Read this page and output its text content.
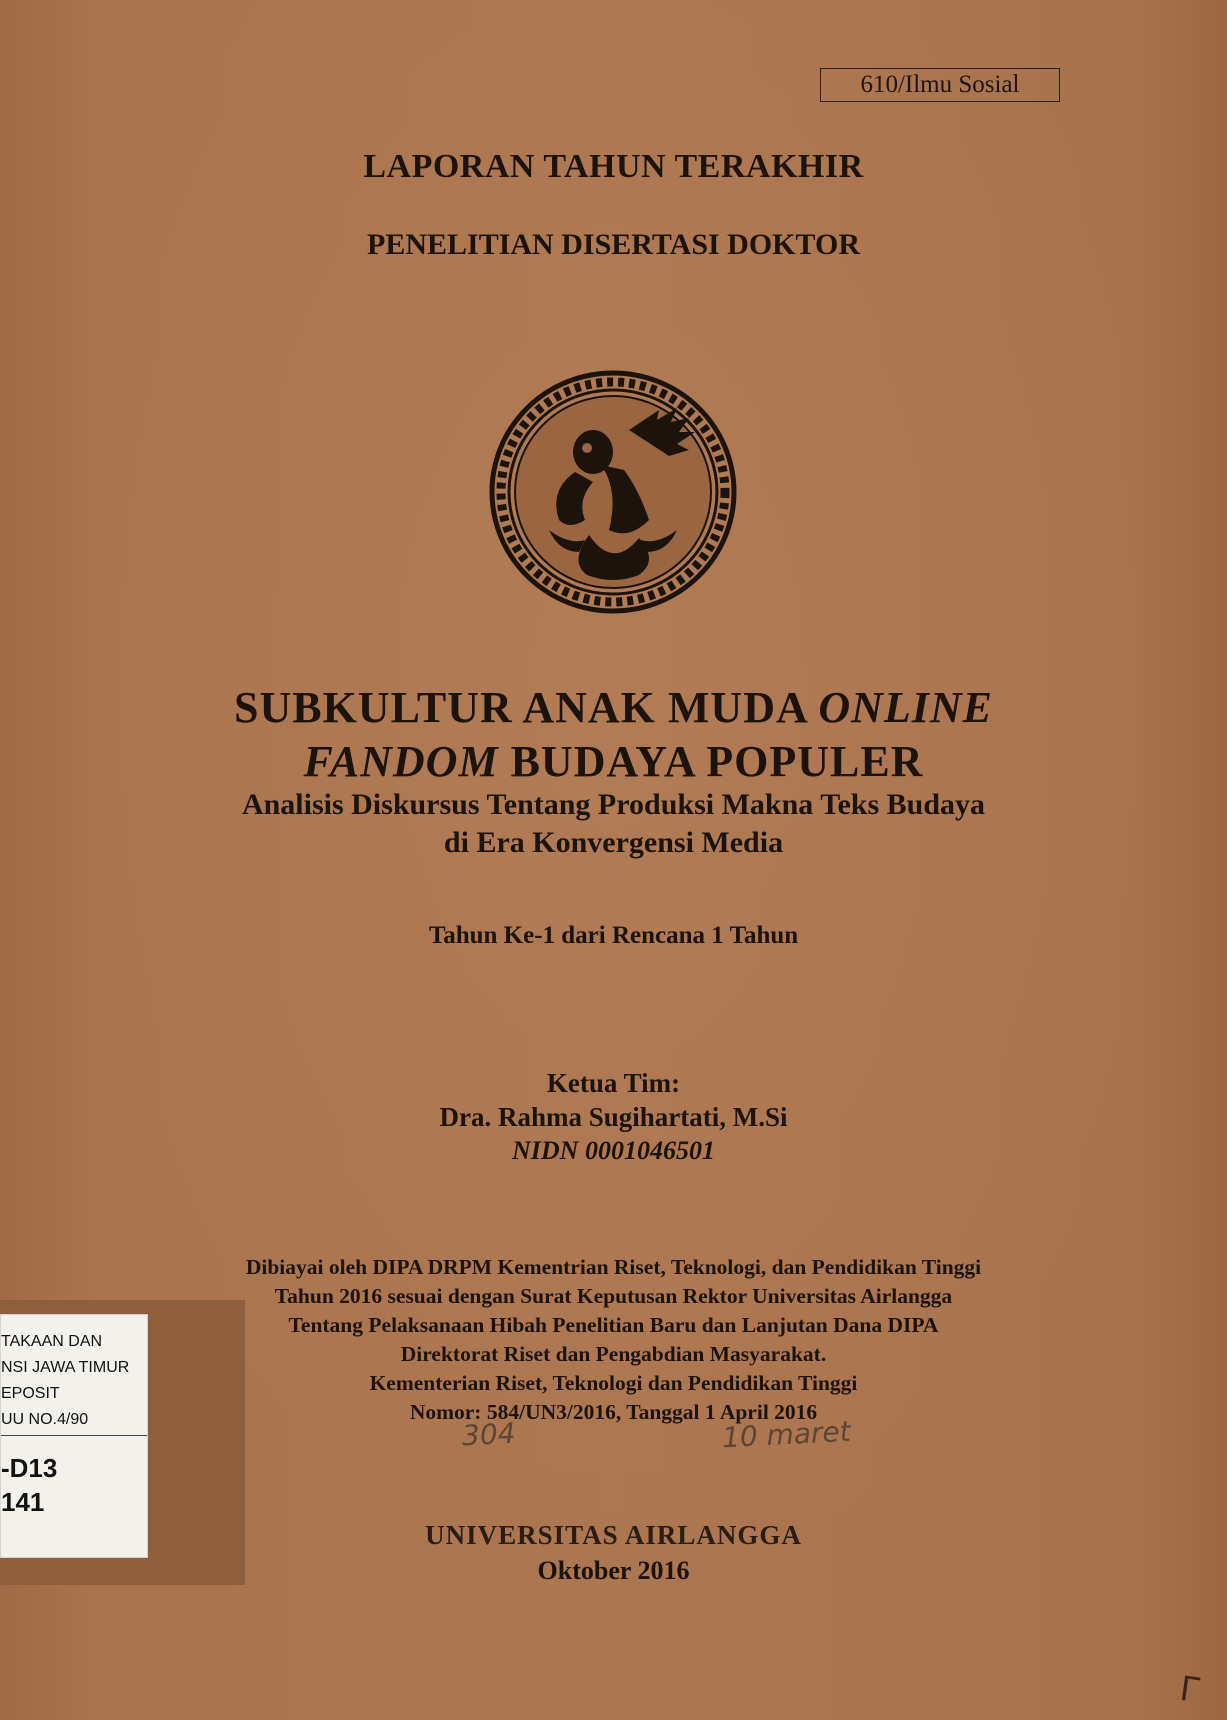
610/Ilmu Sosial
LAPORAN TAHUN TERAKHIR
PENELITIAN DISERTASI DOKTOR
SUBKULTUR ANAK MUDA ONLINE
FANDOM BUDAYA POPULER
Analisis Diskursus Tentang Produksi Makna Teks Budaya
di Era Konvergensi Media
Tahun Ke-1 dari Rencana 1 Tahun
Ketua Tim:
Dra. Rahma Sugihartati, M.Si
NIDN 0001046501
Dibiayai oleh DIPA DRPM Kementrian Riset, Teknologi, dan Pendidikan Tinggi
Tahun 2016 sesuai dengan Surat Keputusan Rektor Universitas Airlangga
Tentang Pelaksanaan Hibah Penelitian Baru dan Lanjutan Dana DIPA
Direktorat Riset dan Pengabdian Masyarakat.
Kementerian Riset, Teknologi dan Pendidikan Tinggi
Nomor: 584/UN3/2016, Tanggal 1 April 2016
304	10 maret
UNIVERSITAS AIRLANGGA
Oktober 2016
TAKAAN DAN
NSI JAWA TIMUR
EPOSIT
UU NO.4/90
-D13
141
ᒥ
